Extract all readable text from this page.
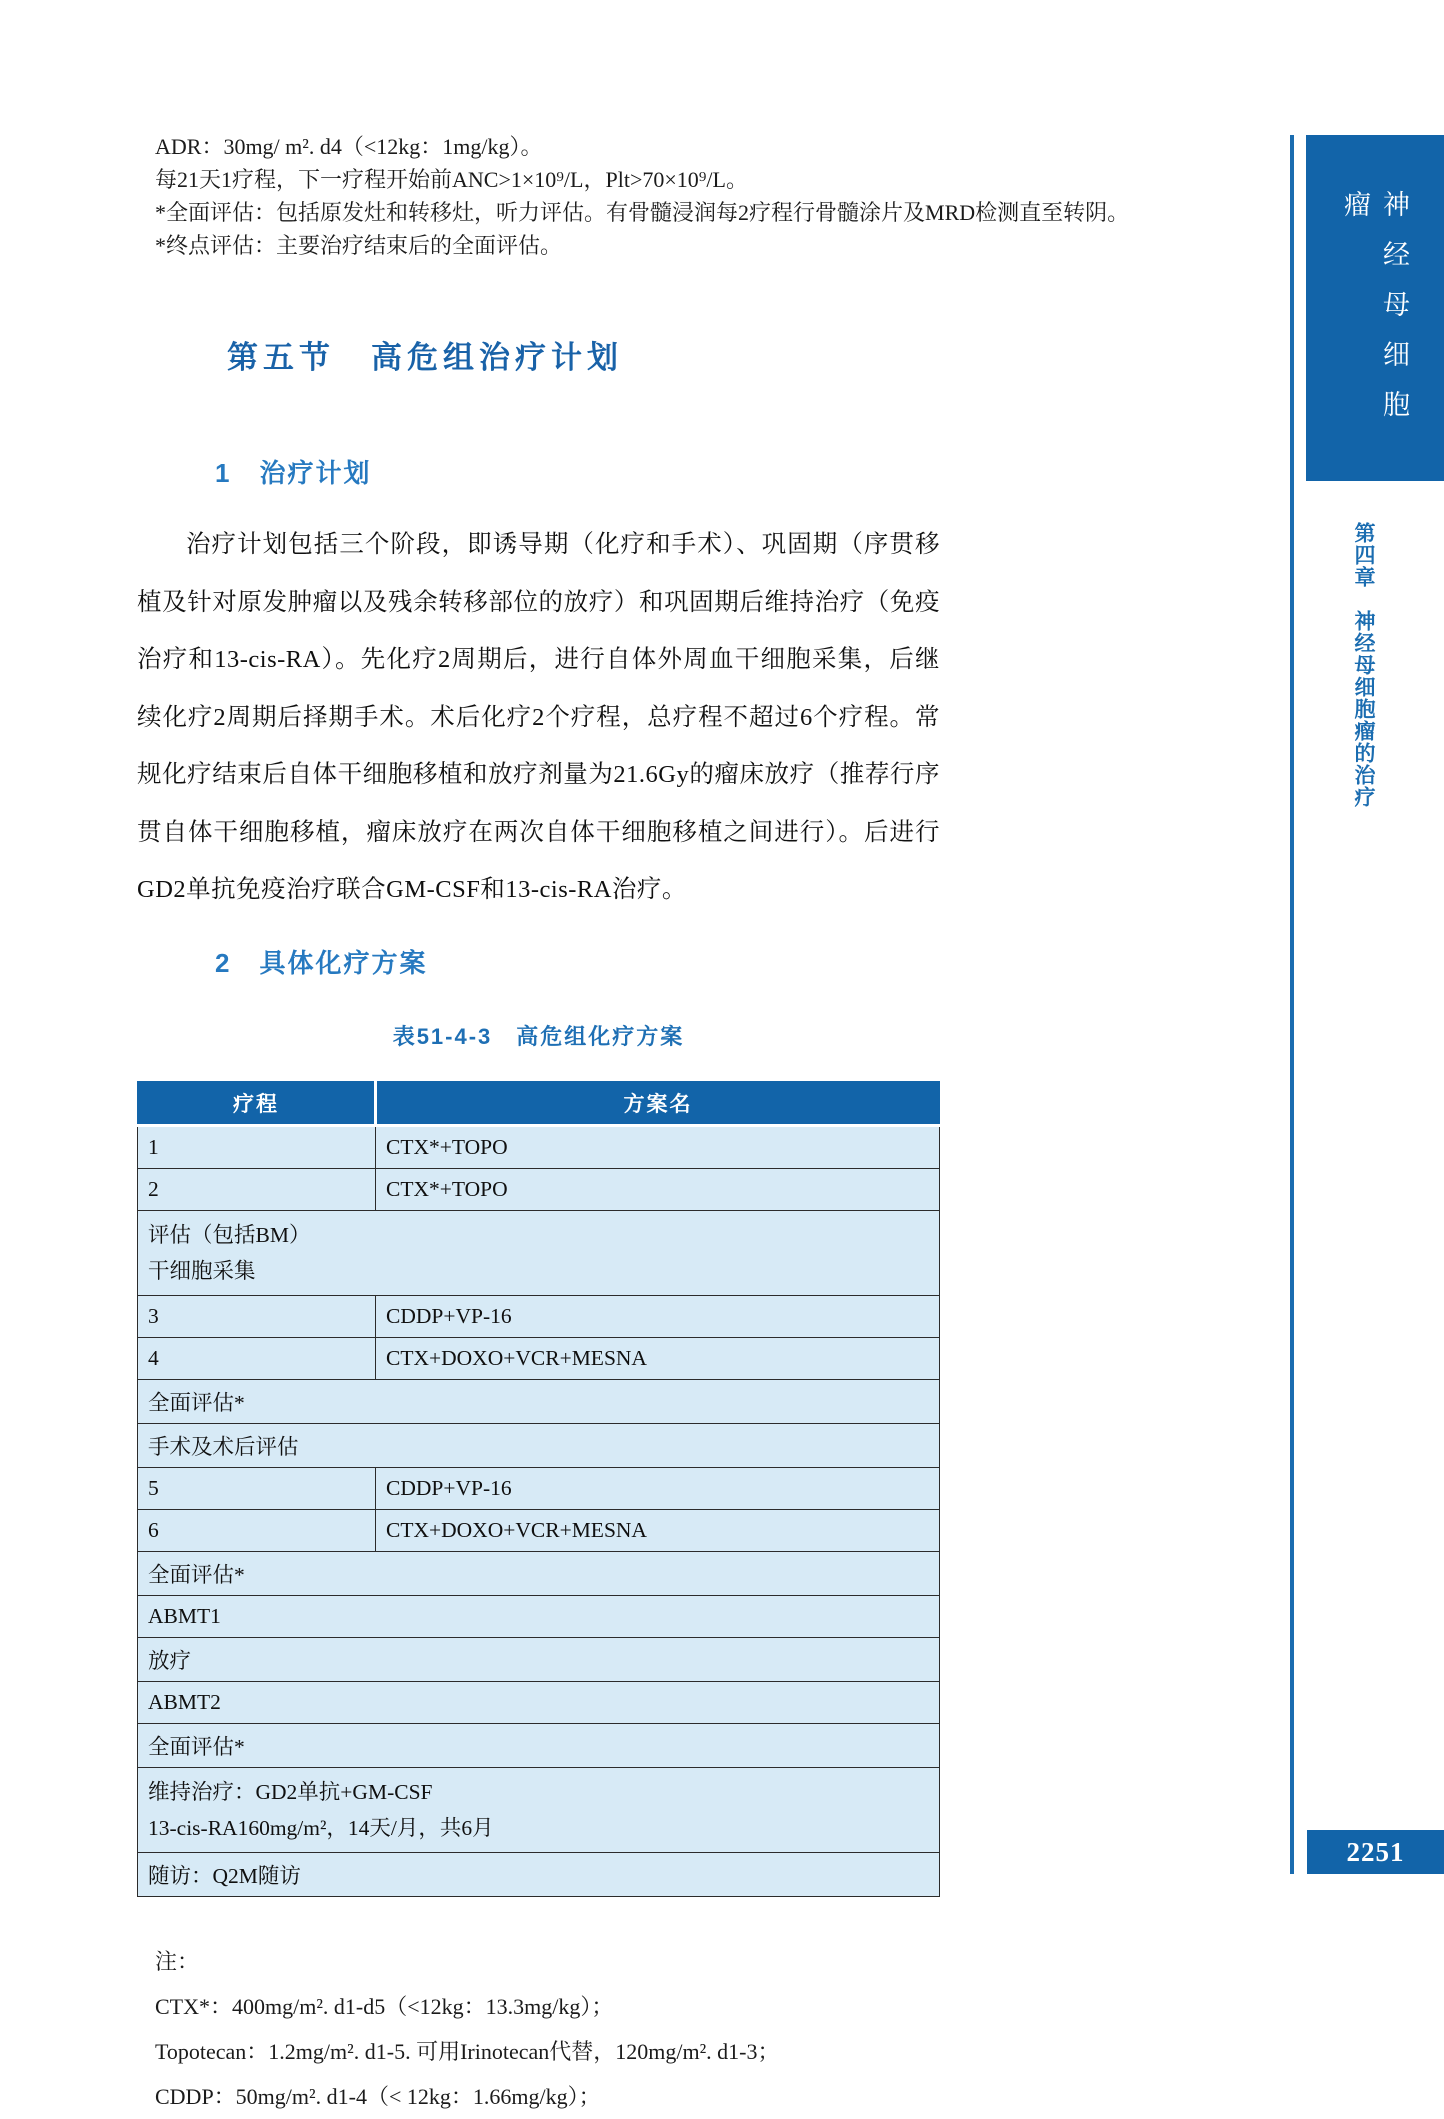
ADR：30mg/ m². d4（<12kg：1mg/kg）。
每21天1疗程，下一疗程开始前ANC>1×10⁹/L，Plt>70×10⁹/L。
*全面评估：包括原发灶和转移灶，听力评估。有骨髓浸润每2疗程行骨髓涂片及MRD检测直至转阴。
*终点评估：主要治疗结束后的全面评估。
第五节　高危组治疗计划
1 治疗计划

治疗计划包括三个阶段，即诱导期（化疗和手术）、巩固期（序贯移植及针对原发肿瘤以及残余转移部位的放疗）和巩固期后维持治疗（免疫治疗和13-cis-RA）。先化疗2周期后，进行自体外周血干细胞采集，后继续化疗2周期后择期手术。术后化疗2个疗程，总疗程不超过6个疗程。常规化疗结束后自体干细胞移植和放疗剂量为21.6Gy的瘤床放疗（推荐行序贯自体干细胞移植，瘤床放疗在两次自体干细胞移植之间进行）。后进行GD2单抗免疫治疗联合GM-CSF和13-cis-RA治疗。

2 具体化疗方案
表51-4-3　高危组化疗方案
疗程	方案名
1	CTX*+TOPO
2	CTX*+TOPO

评估（包括BM）
干细胞采集	

3	CDDP+VP-16
4	CTX+DOXO+VCR+MESNA
全面评估*	
手术及术后评估	
5	CDDP+VP-16
6	CTX+DOXO+VCR+MESNA
全面评估*	
ABMT1	
放疗	
ABMT2	
全面评估*	

维持治疗：GD2单抗+GM-CSF
13-cis-RA160mg/m²，14天/月，共6月	

随访：Q2M随访	
注：
CTX*：400mg/m². d1-d5（<12kg：13.3mg/kg）；
Topotecan：1.2mg/m². d1-5. 可用Irinotecan代替，120mg/m². d1-3；
CDDP：50mg/m². d1-4（< 12kg：1.66mg/kg）；
神经母细胞瘤
第四章　神经母细胞瘤的治疗
2251
